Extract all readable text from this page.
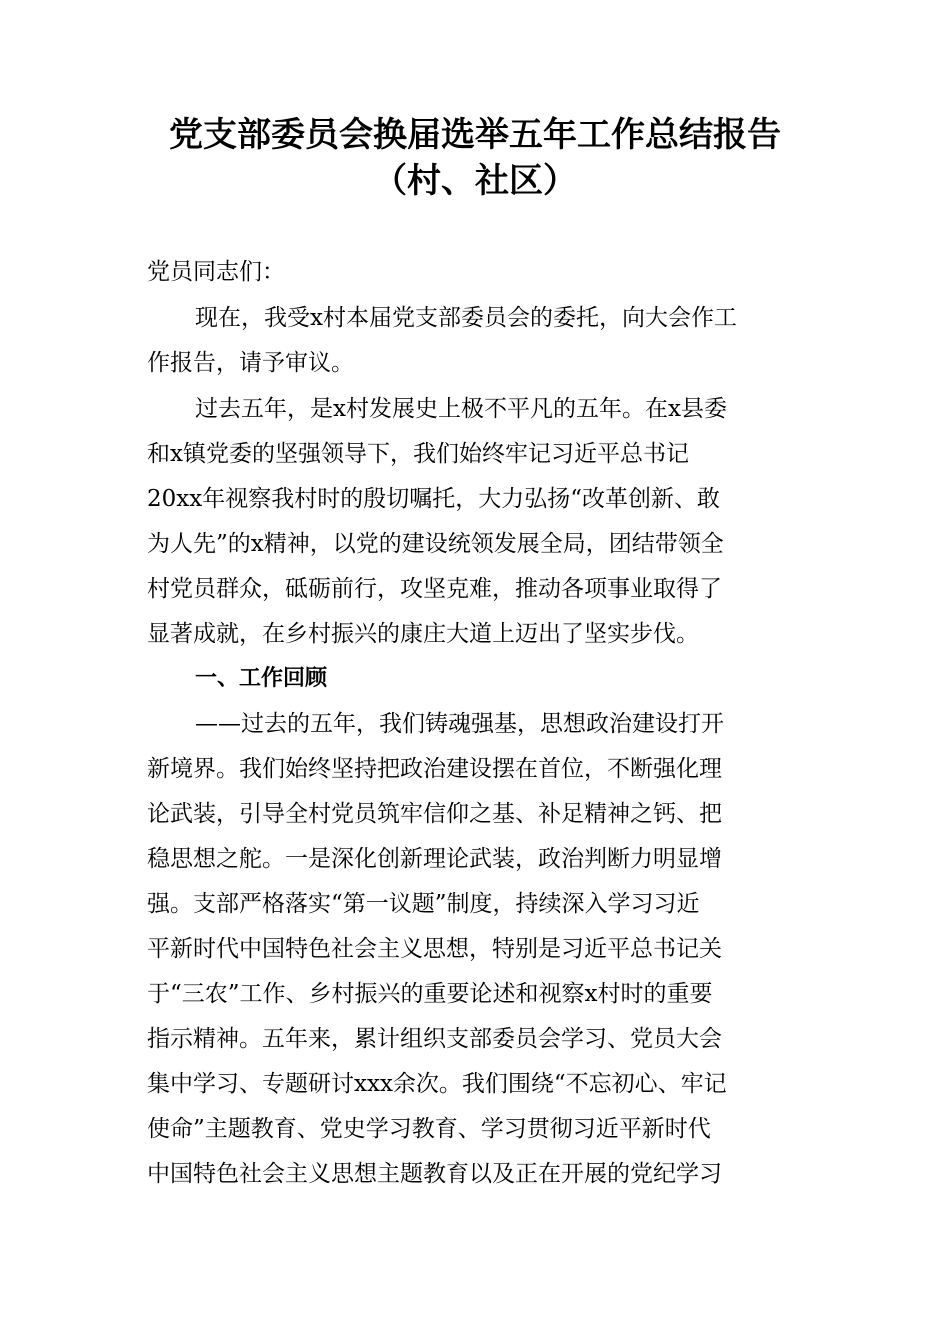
党支部委员会换届选举五年工作总结报告
（村、社区）
党员同志们：
现在，我受x村本届党支部委员会的委托，向大会作工
作报告，请予审议。
过去五年，是x村发展史上极不平凡的五年。在x县委
和x镇党委的坚强领导下，我们始终牢记习近平总书记
20xx年视察我村时的殷切嘱托，大力弘扬“改革创新、敢
为人先”的x精神，以党的建设统领发展全局，团结带领全
村党员群众，砥砺前行，攻坚克难，推动各项事业取得了
显著成就，在乡村振兴的康庄大道上迈出了坚实步伐。
一、工作回顾
——过去的五年，我们铸魂强基，思想政治建设打开
新境界。我们始终坚持把政治建设摆在首位，不断强化理
论武装，引导全村党员筑牢信仰之基、补足精神之钙、把
稳思想之舵。一是深化创新理论武装，政治判断力明显增
强。支部严格落实“第一议题”制度，持续深入学习习近
平新时代中国特色社会主义思想，特别是习近平总书记关
于“三农”工作、乡村振兴的重要论述和视察x村时的重要
指示精神。五年来，累计组织支部委员会学习、党员大会
集中学习、专题研讨xxx余次。我们围绕“不忘初心、牢记
使命”主题教育、党史学习教育、学习贯彻习近平新时代
中国特色社会主义思想主题教育以及正在开展的党纪学习
